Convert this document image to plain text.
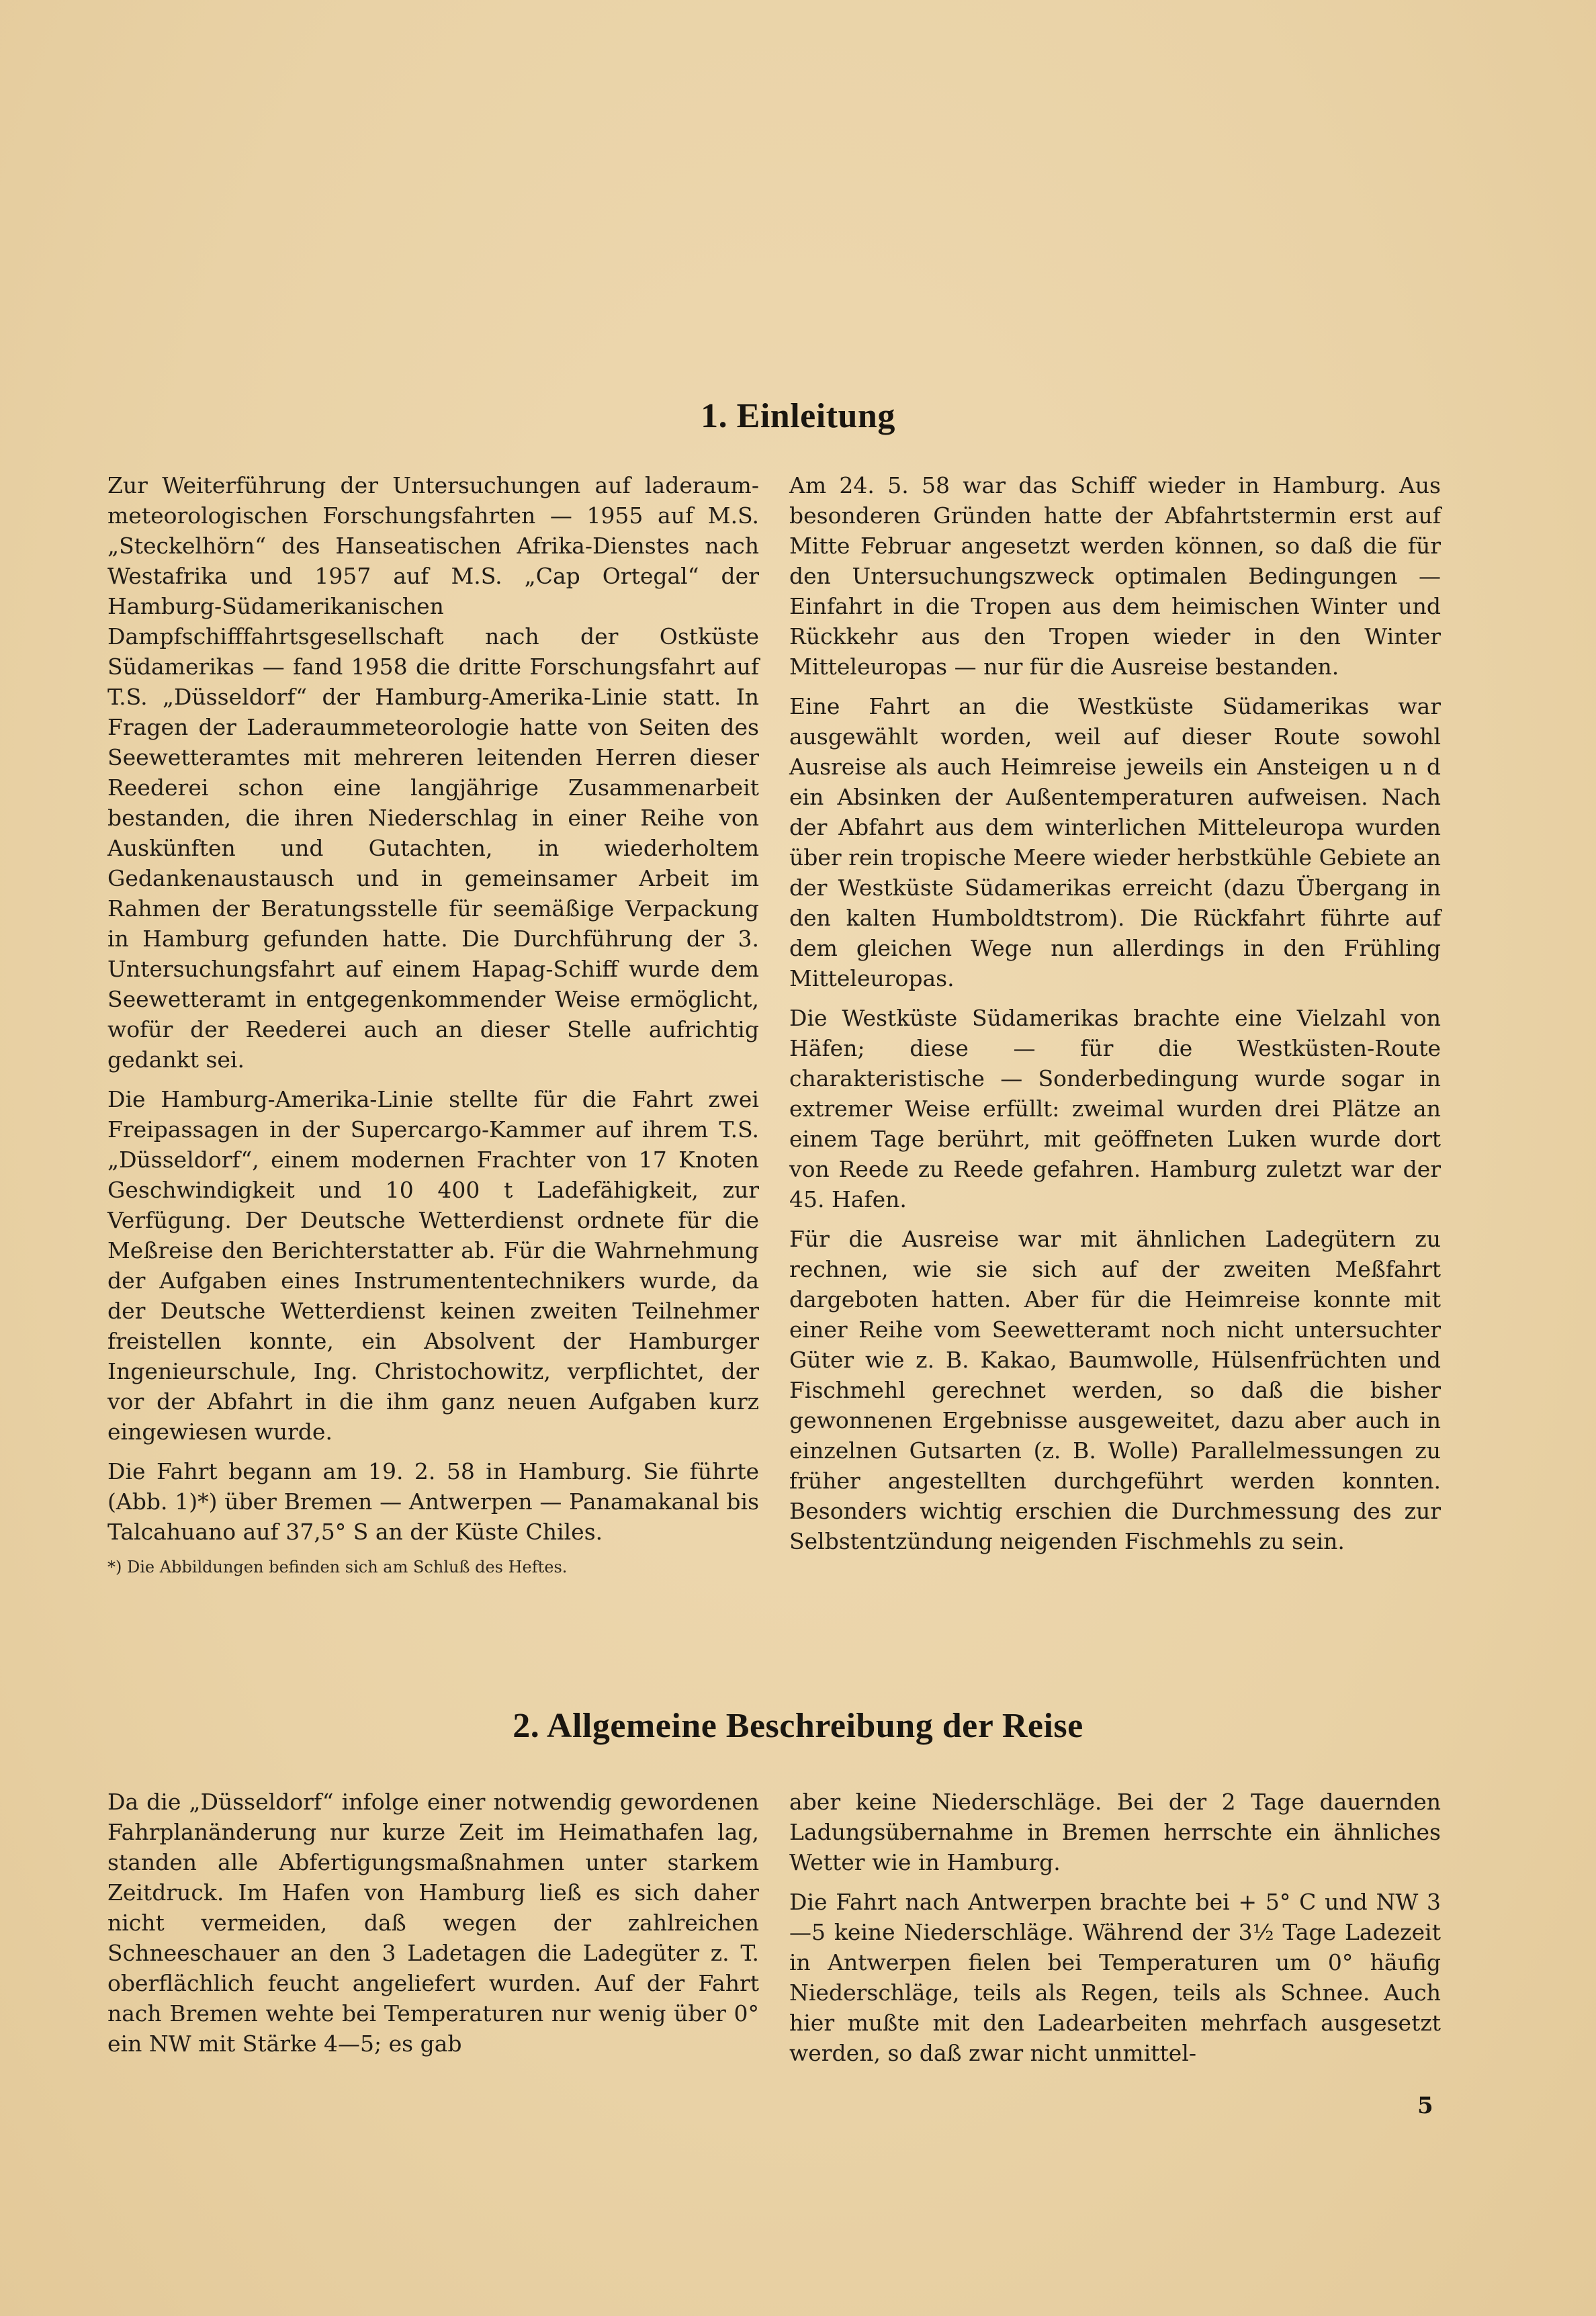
1. Einleitung

Zur Weiterführung der Untersuchungen auf laderaum-meteorologischen Forschungsfahrten — 1955 auf M.S. „Steckelhörn“ des Hanseatischen Afrika-Dienstes nach Westafrika und 1957 auf M.S. „Cap Ortegal“ der Hamburg-Südamerikanischen Dampfschifffahrtsgesellschaft nach der Ostküste Südamerikas — fand 1958 die dritte Forschungsfahrt auf T.S. „Düsseldorf“ der Hamburg-Amerika-Linie statt. In Fragen der Laderaummeteorologie hatte von Seiten des Seewetteramtes mit mehreren leitenden Herren dieser Reederei schon eine langjährige Zusammenarbeit bestanden, die ihren Niederschlag in einer Reihe von Auskünften und Gutachten, in wiederholtem Gedankenaustausch und in gemeinsamer Arbeit im Rahmen der Beratungsstelle für seemäßige Verpackung in Hamburg gefunden hatte. Die Durchführung der 3. Untersuchungsfahrt auf einem Hapag-Schiff wurde dem Seewetteramt in entgegenkommender Weise ermöglicht, wofür der Reederei auch an dieser Stelle aufrichtig gedankt sei.

Die Hamburg-Amerika-Linie stellte für die Fahrt zwei Freipassagen in der Supercargo-Kammer auf ihrem T.S. „Düsseldorf“, einem modernen Frachter von 17 Knoten Geschwindigkeit und 10 400 t Ladefähigkeit, zur Verfügung. Der Deutsche Wetterdienst ordnete für die Meßreise den Berichterstatter ab. Für die Wahrnehmung der Aufgaben eines Instrumententechnikers wurde, da der Deutsche Wetterdienst keinen zweiten Teilnehmer freistellen konnte, ein Absolvent der Hamburger Ingenieurschule, Ing. Christochowitz, verpflichtet, der vor der Abfahrt in die ihm ganz neuen Aufgaben kurz eingewiesen wurde.

Die Fahrt begann am 19. 2. 58 in Hamburg. Sie führte (Abb. 1)*) über Bremen — Antwerpen — Panamakanal bis Talcahuano auf 37,5° S an der Küste Chiles.

*) Die Abbildungen befinden sich am Schluß des Heftes.

Am 24. 5. 58 war das Schiff wieder in Hamburg. Aus besonderen Gründen hatte der Abfahrtstermin erst auf Mitte Februar angesetzt werden können, so daß die für den Untersuchungszweck optimalen Bedingungen — Einfahrt in die Tropen aus dem heimischen Winter und Rückkehr aus den Tropen wieder in den Winter Mitteleuropas — nur für die Ausreise bestanden.

Eine Fahrt an die Westküste Südamerikas war ausgewählt worden, weil auf dieser Route sowohl Ausreise als auch Heimreise jeweils ein Ansteigen u n d ein Absinken der Außentemperaturen aufweisen. Nach der Abfahrt aus dem winterlichen Mitteleuropa wurden über rein tropische Meere wieder herbstkühle Gebiete an der Westküste Südamerikas erreicht (dazu Übergang in den kalten Humboldtstrom). Die Rückfahrt führte auf dem gleichen Wege nun allerdings in den Frühling Mitteleuropas.

Die Westküste Südamerikas brachte eine Vielzahl von Häfen; diese — für die Westküsten-Route charakteristische — Sonderbedingung wurde sogar in extremer Weise erfüllt: zweimal wurden drei Plätze an einem Tage berührt, mit geöffneten Luken wurde dort von Reede zu Reede gefahren. Hamburg zuletzt war der 45. Hafen.

Für die Ausreise war mit ähnlichen Ladegütern zu rechnen, wie sie sich auf der zweiten Meßfahrt dargeboten hatten. Aber für die Heimreise konnte mit einer Reihe vom Seewetteramt noch nicht untersuchter Güter wie z. B. Kakao, Baumwolle, Hülsenfrüchten und Fischmehl gerechnet werden, so daß die bisher gewonnenen Ergebnisse ausgeweitet, dazu aber auch in einzelnen Gutsarten (z. B. Wolle) Parallelmessungen zu früher angestellten durchgeführt werden konnten. Besonders wichtig erschien die Durchmessung des zur Selbstentzündung neigenden Fischmehls zu sein.

2. Allgemeine Beschreibung der Reise

Da die „Düsseldorf“ infolge einer notwendig gewordenen Fahrplanänderung nur kurze Zeit im Heimathafen lag, standen alle Abfertigungsmaßnahmen unter starkem Zeitdruck. Im Hafen von Hamburg ließ es sich daher nicht vermeiden, daß wegen der zahlreichen Schneeschauer an den 3 Ladetagen die Ladegüter z. T. oberflächlich feucht angeliefert wurden. Auf der Fahrt nach Bremen wehte bei Temperaturen nur wenig über 0° ein NW mit Stärke 4—5; es gab

aber keine Niederschläge. Bei der 2 Tage dauernden Ladungsübernahme in Bremen herrschte ein ähnliches Wetter wie in Hamburg.

Die Fahrt nach Antwerpen brachte bei + 5° C und NW 3—5 keine Niederschläge. Während der 3½ Tage Ladezeit in Antwerpen fielen bei Temperaturen um 0° häufig Niederschläge, teils als Regen, teils als Schnee. Auch hier mußte mit den Ladearbeiten mehrfach ausgesetzt werden, so daß zwar nicht unmittel-

5
